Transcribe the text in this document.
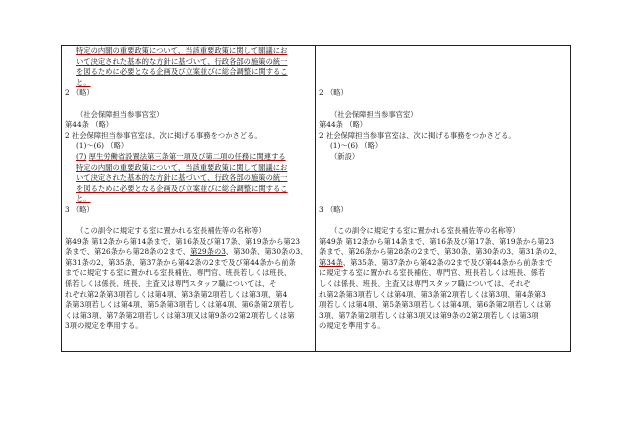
特定の内閣の重要政策について、当該重要政策に関して閣議にお
いて決定された基本的な方針に基づいて、行政各部の施策の統一
を図るために必要となる企画及び立案並びに総合調整に関するこ
と。
2 （略）
（社会保障担当参事官室）
第44条 （略）
2 社会保障担当参事官室は、次に掲げる事務をつかさどる。
(1)～(6) （略）
(7) 厚生労働省設置法第三条第一項及び第二項の任務に関連する
特定の内閣の重要政策について、当該重要政策に関して閣議にお
いて決定された基本的な方針に基づいて、行政各部の施策の統一
を図るために必要となる企画及び立案並びに総合調整に関するこ
と。
3 （略）
（この訓令に規定する室に置かれる室長補佐等の名称等）
第49条 第12条から第14条まで、第16条及び第17条、第19条から第23
条まで、第26条から第28条の2まで、第29条の3、第30条、第30条の3、
第31条の2、第35条、第37条から第42条の2まで及び第44条から前条
までに規定する室に置かれる室長補佐、専門官、班長若しくは班長、
係若しくは係長、班長、主査又は専門スタッフ職については、そ
れぞれ第2条第3項若しくは第4項、第3条第2項若しくは第3項、第4
条第3項若しくは第4項、第5条第3項若しくは第4項、第6条第2項若し
くは第3項、第7条第2項若しくは第3項又は第9条の2第2項若しくは第
3項の規定を準用する。
2 （略）
（社会保障担当参事官室）
第44条 （略）
2 社会保障担当参事官室は、次に掲げる事務をつかさどる。
(1)～(6) （略）
（新設）
3 （略）
（この訓令に規定する室に置かれる室長補佐等の名称等）
第49条 第12条から第14条まで、第16条及び第17条、第19条から第23
条まで、第26条から第28条の2まで、第30条、第30条の3、第31条の2、
第34条、第35条、第37条から第42条の2まで及び第44条から前条まで
に規定する室に置かれる室長補佐、専門官、班長若しくは班長、係若
しくは係長、班長、主査又は専門スタッフ職については、それぞ
れ第2条第3項若しくは第4項、第3条第2項若しくは第3項、第4条第3
項若しくは第4項、第5条第3項若しくは第4項、第6条第2項若しくは第
3項、第7条第2項若しくは第3項又は第9条の2第2項若しくは第3項
の規定を準用する。
